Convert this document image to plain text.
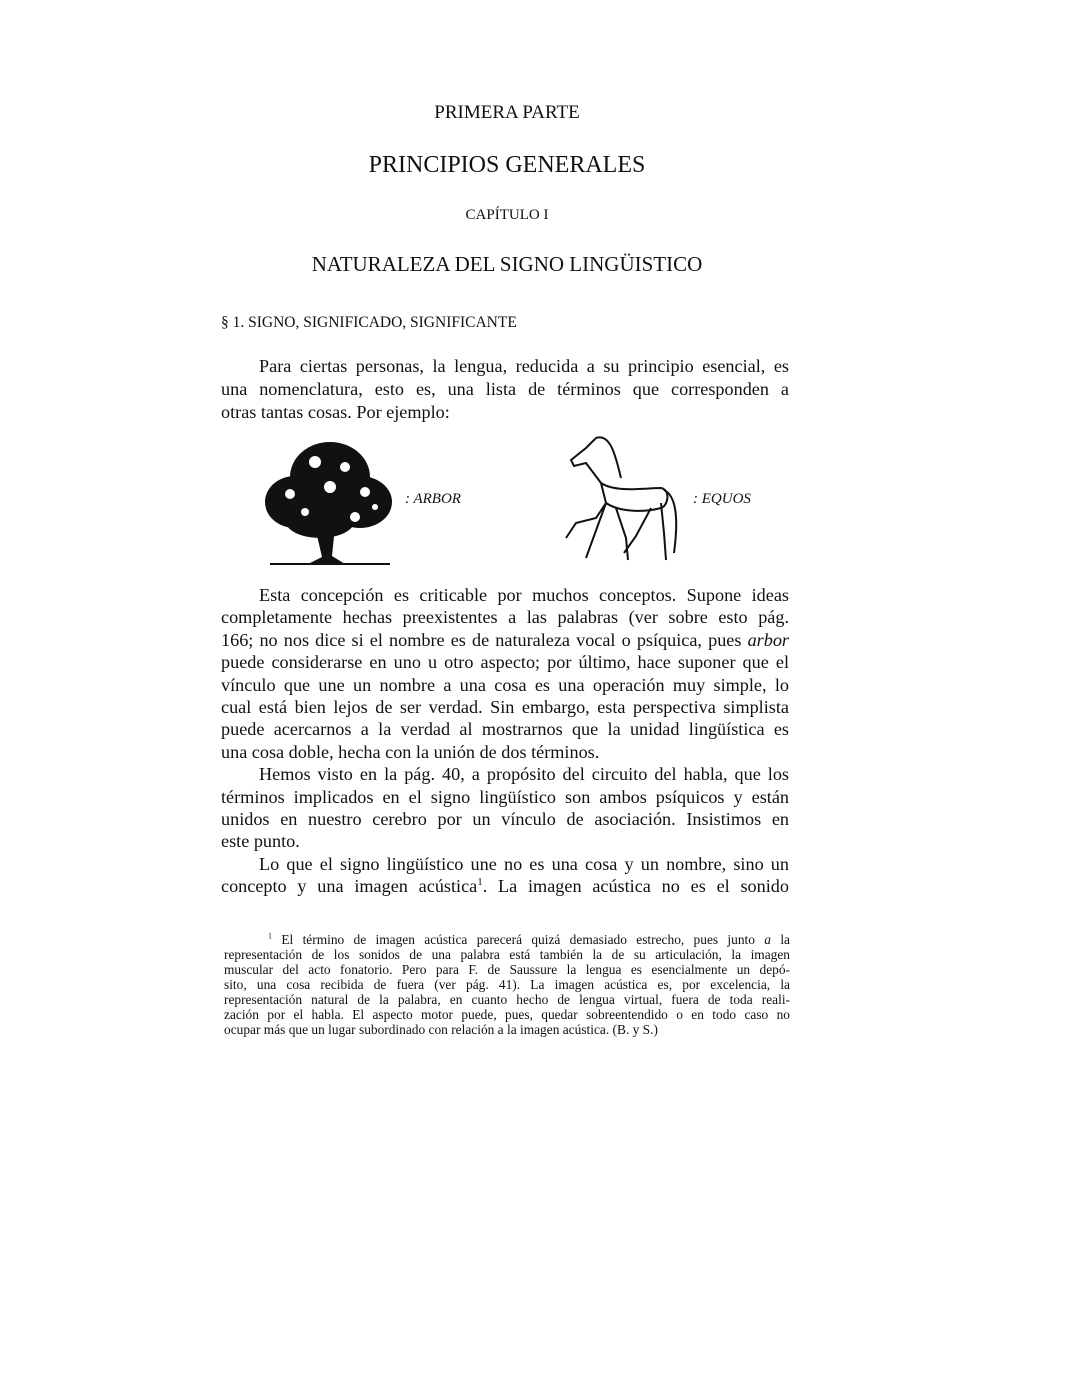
PRIMERA PARTE
PRINCIPIOS GENERALES
CAPÍTULO I
NATURALEZA DEL SIGNO LINGÜISTICO
§ 1. SIGNO, SIGNIFICADO, SIGNIFICANTE
Para ciertas personas, la lengua, reducida a su principio esencial, es
una nomenclatura, esto es, una lista de términos que corresponden a
otras tantas cosas. Por ejemplo:
: ARBOR	: EQUOS
Esta concepción es criticable por muchos conceptos. Supone ideas
completamente hechas preexistentes a las palabras (ver sobre esto pág.
166; no nos dice si el nombre es de naturaleza vocal o psíquica, pues arbor
puede considerarse en uno u otro aspecto; por último, hace suponer que el
vínculo que une un nombre a una cosa es una operación muy simple, lo
cual está bien lejos de ser verdad. Sin embargo, esta perspectiva simplista
puede acercarnos a la verdad al mostrarnos que la unidad lingüística es
una cosa doble, hecha con la unión de dos términos.
Hemos visto en la pág. 40, a propósito del circuito del habla, que los
términos implicados en el signo lingüístico son ambos psíquicos y están
unidos en nuestro cerebro por un vínculo de asociación. Insistimos en
este punto.
Lo que el signo lingüístico une no es una cosa y un nombre, sino un
concepto y una imagen acústica$^1$. La imagen acústica no es el sonido
$^1$ El término de imagen acústica parecerá quizá demasiado estrecho, pues junto a la
representación de los sonidos de una palabra está también la de su articulación, la imagen
muscular del acto fonatorio. Pero para F. de Saussure la lengua es esencialmente un depó-
sito, una cosa recibida de fuera (ver pág. 41). La imagen acústica es, por excelencia, la
representación natural de la palabra, en cuanto hecho de lengua virtual, fuera de toda reali-
zación por el habla. El aspecto motor puede, pues, quedar sobreentendido o en todo caso no
ocupar más que un lugar subordinado con relación a la imagen acústica. (B. y S.)
